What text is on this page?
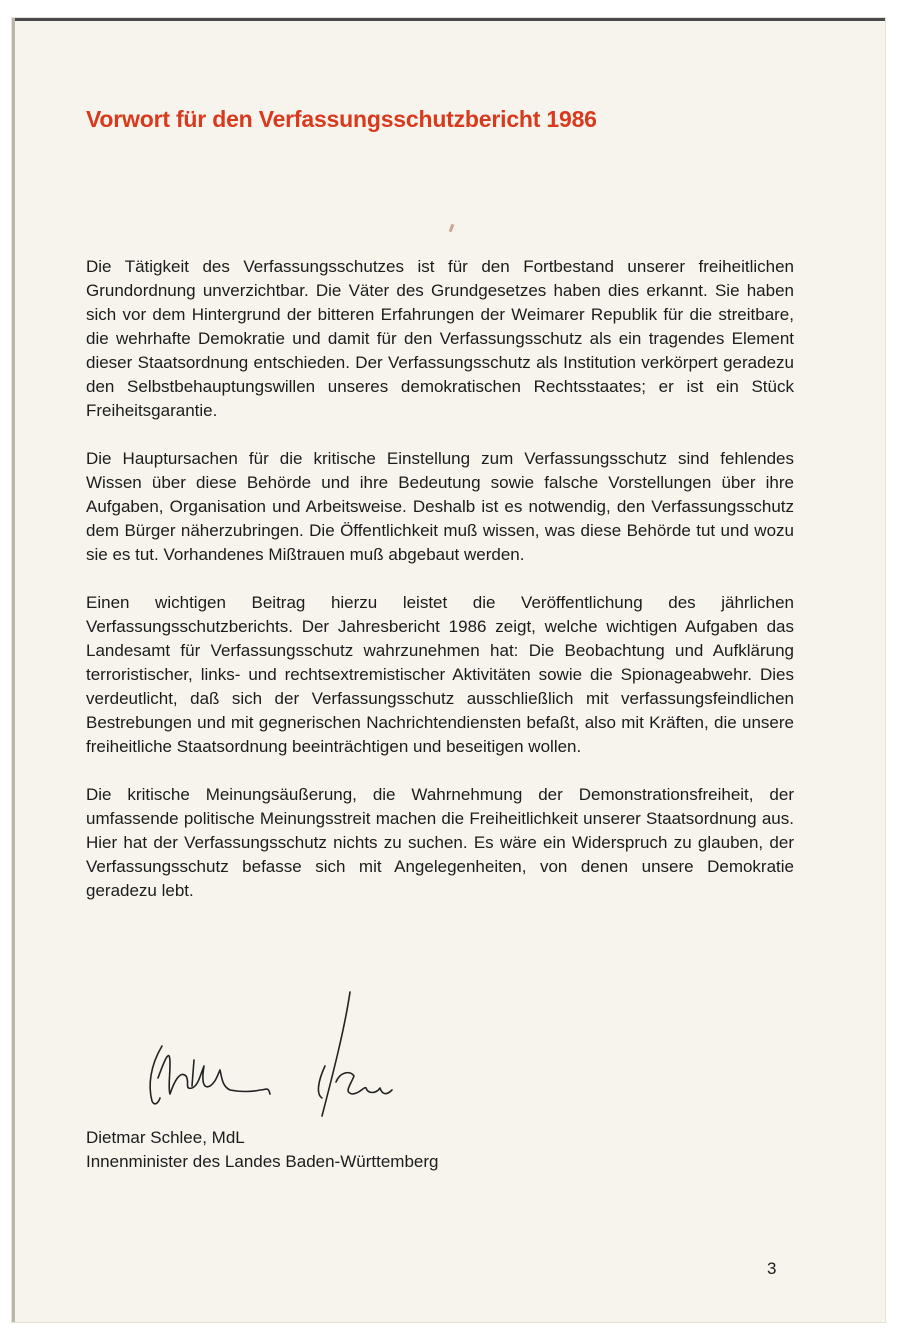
Vorwort für den Verfassungsschutzbericht 1986

Die Tätigkeit des Verfassungsschutzes ist für den Fortbestand unserer freiheitlichen Grundordnung unverzichtbar. Die Väter des Grundgesetzes haben dies erkannt. Sie haben sich vor dem Hintergrund der bitteren Erfahrungen der Weimarer Republik für die streitbare, die wehrhafte Demokratie und damit für den Verfassungsschutz als ein tragendes Element dieser Staatsordnung entschieden. Der Verfassungsschutz als Institution verkörpert geradezu den Selbstbehauptungswillen unseres demokratischen Rechtsstaates; er ist ein Stück Freiheitsgarantie.

Die Hauptursachen für die kritische Einstellung zum Verfassungsschutz sind fehlendes Wissen über diese Behörde und ihre Bedeutung sowie falsche Vorstellungen über ihre Aufgaben, Organisation und Arbeitsweise. Deshalb ist es notwendig, den Verfassungsschutz dem Bürger näherzubringen. Die Öffentlichkeit muß wissen, was diese Behörde tut und wozu sie es tut. Vorhandenes Mißtrauen muß abgebaut werden.

Einen wichtigen Beitrag hierzu leistet die Veröffentlichung des jährlichen Verfassungsschutzberichts. Der Jahresbericht 1986 zeigt, welche wichtigen Aufgaben das Landesamt für Verfassungsschutz wahrzunehmen hat: Die Beobachtung und Aufklärung terroristischer, links- und rechtsextremistischer Aktivitäten sowie die Spionageabwehr. Dies verdeutlicht, daß sich der Verfassungsschutz ausschließlich mit verfassungsfeindlichen Bestrebungen und mit gegnerischen Nachrichtendiensten befaßt, also mit Kräften, die unsere freiheitliche Staatsordnung beeinträchtigen und beseitigen wollen.

Die kritische Meinungsäußerung, die Wahrnehmung der Demonstrationsfreiheit, der umfassende politische Meinungsstreit machen die Freiheitlichkeit unserer Staatsordnung aus. Hier hat der Verfassungsschutz nichts zu suchen. Es wäre ein Widerspruch zu glauben, der Verfassungsschutz befasse sich mit Angelegenheiten, von denen unsere Demokratie geradezu lebt.

Dietmar Schlee, MdL
Innenminister des Landes Baden-Württemberg
3
